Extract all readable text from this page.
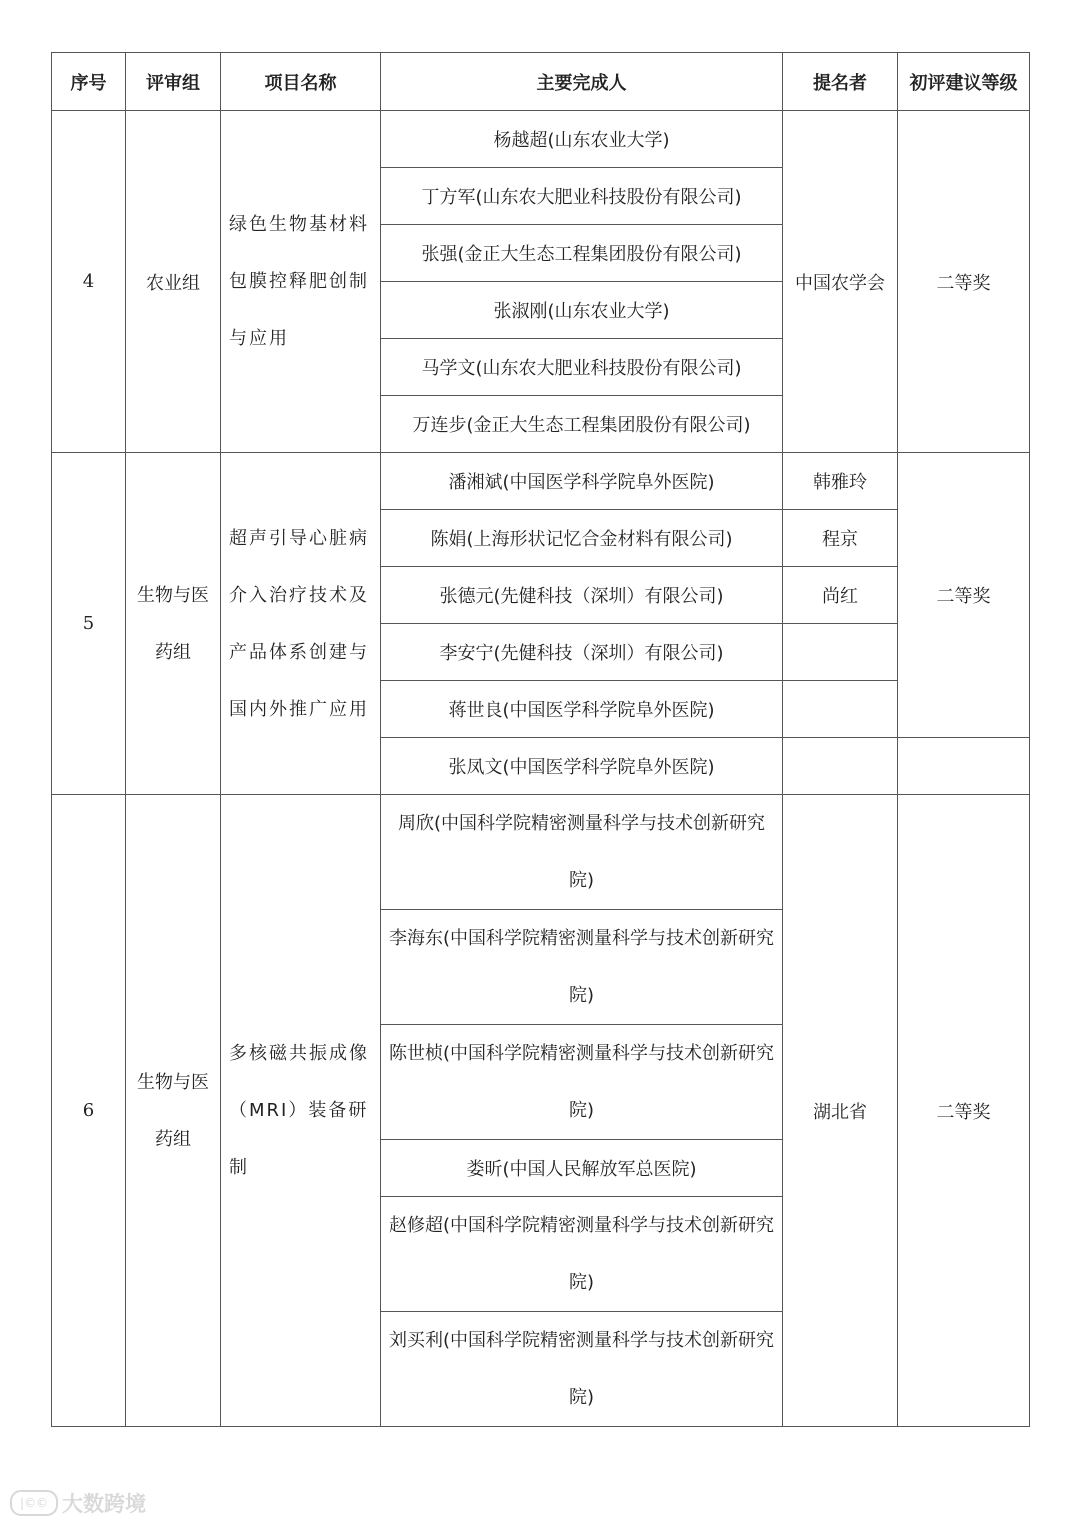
序号	评审组	项目名称	主要完成人	提名者	初评建议等级
4	农业组	绿色生物基材料包膜控释肥创制与应用	杨越超(山东农业大学)	中国农学会	二等奖
			丁方军(山东农大肥业科技股份有限公司)		
			张强(金正大生态工程集团股份有限公司)		
			张淑刚(山东农业大学)		
			马学文(山东农大肥业科技股份有限公司)		
			万连步(金正大生态工程集团股份有限公司)		
5	生物与医药组	超声引导心脏病介入治疗技术及产品体系创建与国内外推广应用	潘湘斌(中国医学科学院阜外医院)	韩雅玲	二等奖
			陈娟(上海形状记忆合金材料有限公司)	程京	
			张德元(先健科技（深圳）有限公司)	尚红	
			李安宁(先健科技（深圳）有限公司)		
			蒋世良(中国医学科学院阜外医院)		
			张凤文(中国医学科学院阜外医院)		
6	生物与医药组	多核磁共振成像（MRI）装备研制	周欣(中国科学院精密测量科学与技术创新研究院)	湖北省	二等奖
			李海东(中国科学院精密测量科学与技术创新研究院)		
			陈世桢(中国科学院精密测量科学与技术创新研究院)		
			娄昕(中国人民解放军总医院)		
			赵修超(中国科学院精密测量科学与技术创新研究院)		
			刘买利(中国科学院精密测量科学与技术创新研究院)		
|©© 大数跨境
